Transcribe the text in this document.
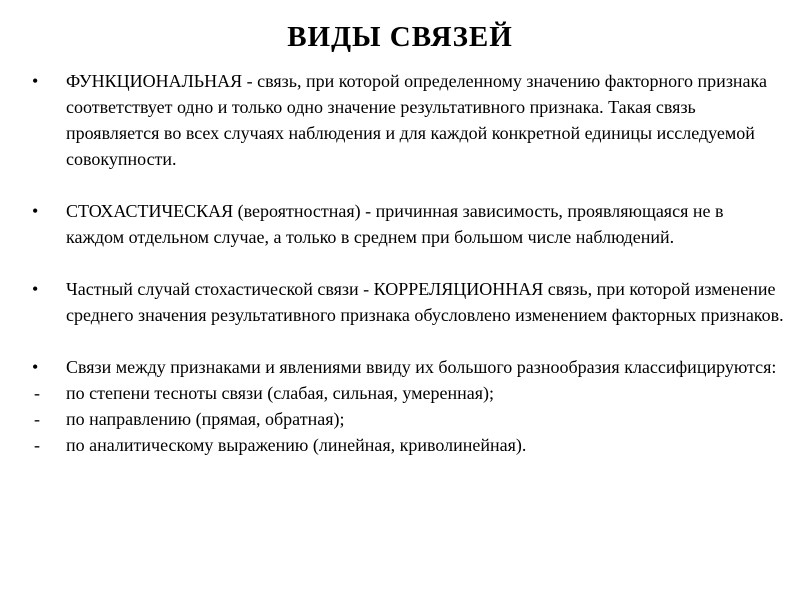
ВИДЫ СВЯЗЕЙ
•	ФУНКЦИОНАЛЬНАЯ - связь, при которой определенному значению факторного признака соответствует одно и только одно значение результативного признака. Такая связь проявляется во всех случаях наблюдения и для каждой конкретной единицы исследуемой совокупности.
•	СТОХАСТИЧЕСКАЯ (вероятностная) - причинная зависимость, проявляющаяся не в каждом отдельном случае, а только в среднем при большом числе наблюдений.
•	Частный случай стохастической связи - КОРРЕЛЯЦИОННАЯ связь, при которой изменение среднего значения результативного признака обусловлено изменением факторных признаков.
•	Связи между признаками и явлениями ввиду их большого разнообразия классифицируются:
-	по степени тесноты связи (слабая, сильная, умеренная);
-	по направлению (прямая, обратная);
-	по аналитическому выражению (линейная, криволинейная).
